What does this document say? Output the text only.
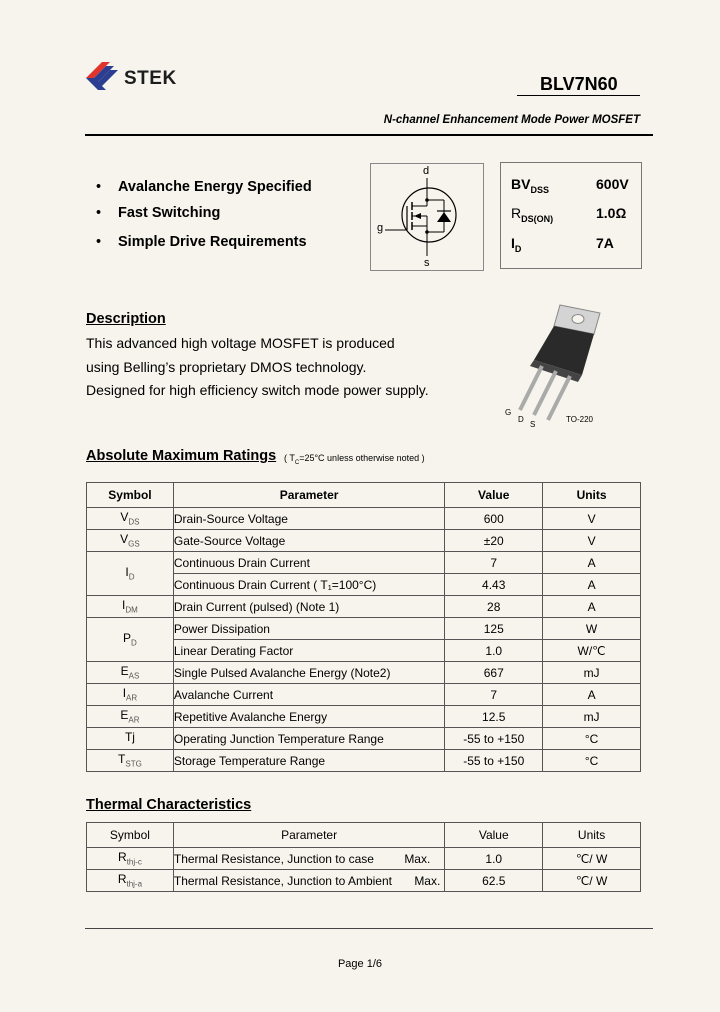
STEK	BLV7N60
N-channel Enhancement Mode Power MOSFET
• Avalanche Energy Specified
• Fast Switching
• Simple Drive Requirements
d
g
s
$BV_{DSS}$	600V
$R_{DS(ON)}$	1.0Ω
$I_D$	7A
Description
This advanced high voltage MOSFET is produced
using Belling’s proprietary DMOS technology.
Designed for high efficiency switch mode power supply.
G
D
S
TO-220
Absolute Maximum Ratings ( $T_C=25^\circ C$ unless otherwise noted )
Symbol	Parameter	Value	Units
$V_{DS}$	Drain-Source Voltage	600	V
$V_{GS}$	Gate-Source Voltage	±20	V
$I_D$	Continuous Drain Current	7	A
	Continuous Drain Current ( T₁=100°C)	4.43	A
$I_{DM}$	Drain Current (pulsed) (Note 1)	28	A
$P_D$	Power Dissipation	125	W
	Linear Derating Factor	1.0	W/℃
$E_{AS}$	Single Pulsed Avalanche Energy (Note2)	667	mJ
$I_{AR}$	Avalanche Current	7	A
$E_{AR}$	Repetitive Avalanche Energy	12.5	mJ
Tj	Operating Junction Temperature Range	-55 to +150	°C
$T_{STG}$	Storage Temperature Range	-55 to +150	°C
Thermal Characteristics
Symbol	Parameter	Value	Units
$R_{thj-c}$	Thermal Resistance, Junction to case Max.	1.0	℃/ W
$R_{thj-a}$	Thermal Resistance, Junction to Ambient Max.	62.5	℃/ W
Page 1/6
